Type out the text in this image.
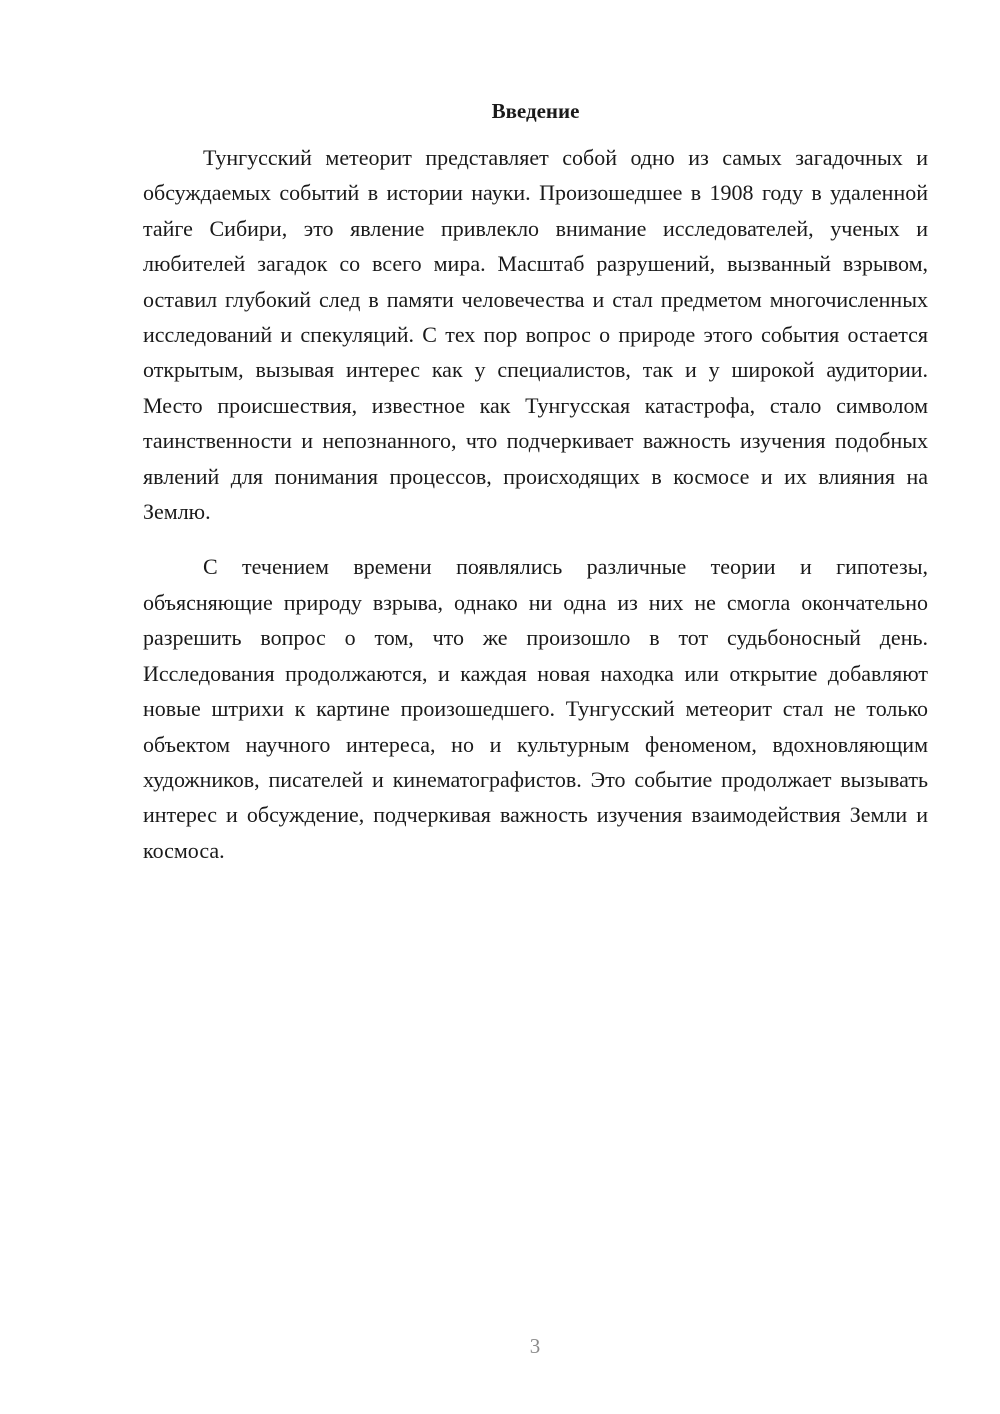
Введение

Тунгусский метеорит представляет собой одно из самых загадочных и обсуждаемых событий в истории науки. Произошедшее в 1908 году в удаленной тайге Сибири, это явление привлекло внимание исследователей, ученых и любителей загадок со всего мира. Масштаб разрушений, вызванный взрывом, оставил глубокий след в памяти человечества и стал предметом многочисленных исследований и спекуляций. С тех пор вопрос о природе этого события остается открытым, вызывая интерес как у специалистов, так и у широкой аудитории. Место происшествия, известное как Тунгусская катастрофа, стало символом таинственности и непознанного, что подчеркивает важность изучения подобных явлений для понимания процессов, происходящих в космосе и их влияния на Землю.

С течением времени появлялись различные теории и гипотезы, объясняющие природу взрыва, однако ни одна из них не смогла окончательно разрешить вопрос о том, что же произошло в тот судьбоносный день. Исследования продолжаются, и каждая новая находка или открытие добавляют новые штрихи к картине произошедшего. Тунгусский метеорит стал не только объектом научного интереса, но и культурным феноменом, вдохновляющим художников, писателей и кинематографистов. Это событие продолжает вызывать интерес и обсуждение, подчеркивая важность изучения взаимодействия Земли и космоса.

3
